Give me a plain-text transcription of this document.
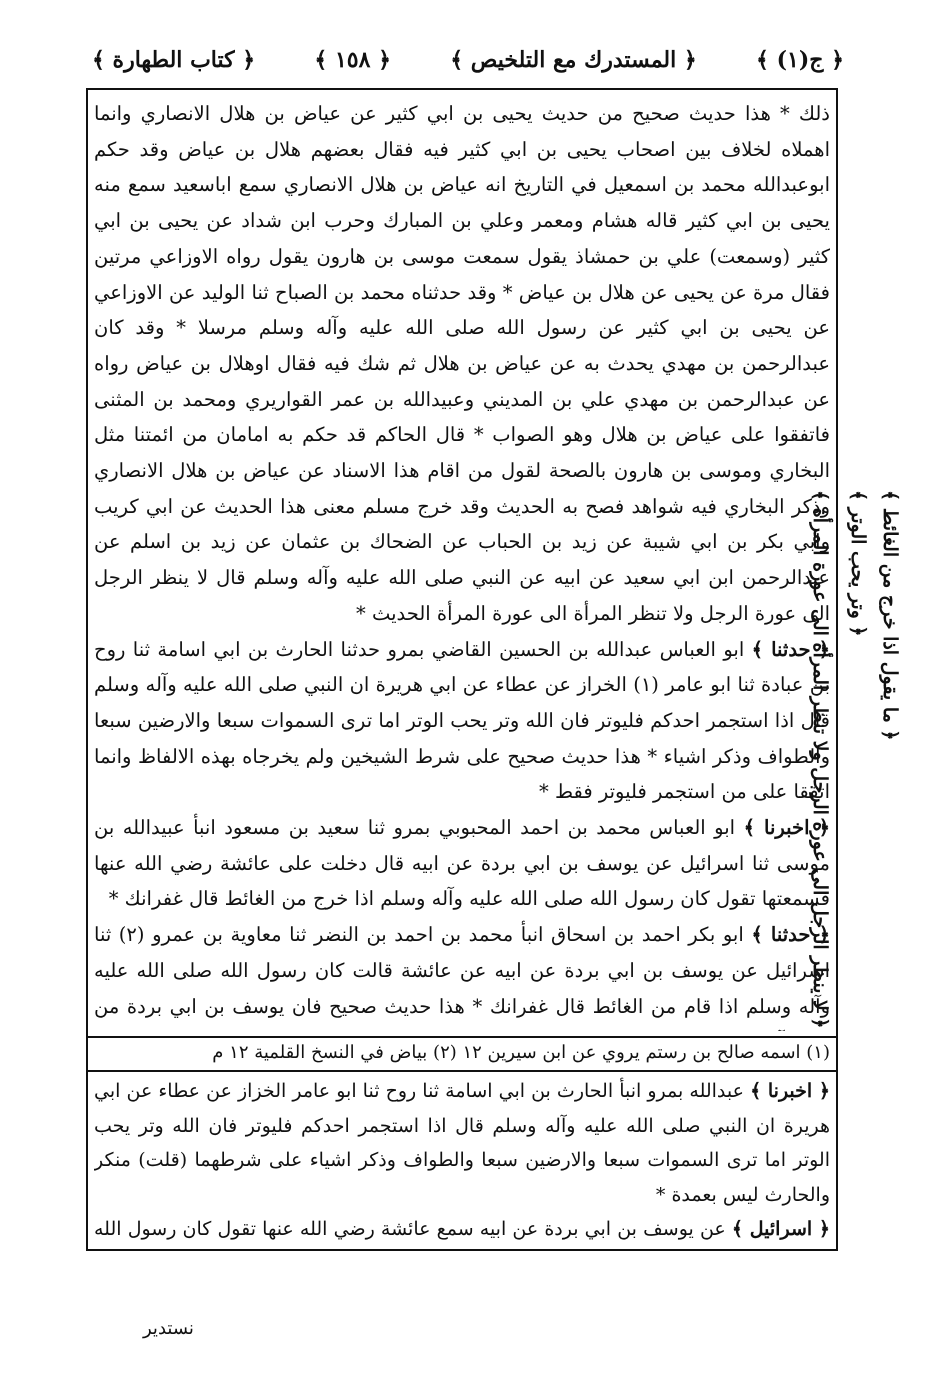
﴿ ج(١) ﴾
﴿ المستدرك مع التلخيص ﴾
﴿ ١٥٨ ﴾
﴿ كتاب الطهارة ﴾

ذلك * هذا حديث صحيح من حديث يحيى بن ابي كثير عن عياض بن هلال الانصاري وانما اهملاه لخلاف بين اصحاب يحيى بن ابي كثير فيه فقال بعضهم هلال بن عياض وقد حكم ابوعبدالله محمد بن اسمعيل في التاريخ انه عياض بن هلال الانصاري سمع اباسعيد سمع منه يحيى بن ابي كثير قاله هشام ومعمر وعلي بن المبارك وحرب ابن شداد عن يحيى بن ابي كثير (وسمعت) علي بن حمشاذ يقول سمعت موسى بن هارون يقول رواه الاوزاعي مرتين فقال مرة عن يحيى عن هلال بن عياض * وقد حدثناه محمد بن الصباح ثنا الوليد عن الاوزاعي عن يحيى بن ابي كثير عن رسول الله صلى الله عليه وآله وسلم مرسلا * وقد كان عبدالرحمن بن مهدي يحدث به عن عياض بن هلال ثم شك فيه فقال اوهلال بن عياض رواه عن عبدالرحمن بن مهدي علي بن المديني وعبيدالله بن عمر القواريري ومحمد بن المثنى فاتفقوا على عياض بن هلال وهو الصواب * قال الحاكم قد حكم به امامان من ائمتنا مثل البخاري وموسى بن هارون بالصحة لقول من اقام هذا الاسناد عن عياض بن هلال الانصاري وذكر البخاري فيه شواهد فصح به الحديث وقد خرج مسلم معنى هذا الحديث عن ابي كريب وابي بكر بن ابي شيبة عن زيد بن الحباب عن الضحاك بن عثمان عن زيد بن اسلم عن عبدالرحمن ابن ابي سعيد عن ابيه عن النبي صلى الله عليه وآله وسلم قال لا ينظر الرجل الى عورة الرجل ولا تنظر المرأة الى عورة المرأة الحديث *

﴿ حدثنا ﴾ ابو العباس عبدالله بن الحسين القاضي بمرو حدثنا الحارث بن ابي اسامة ثنا روح بن عبادة ثنا ابو عامر (١) الخراز عن عطاء عن ابي هريرة ان النبي صلى الله عليه وآله وسلم قال اذا استجمر احدكم فليوتر فان الله وتر يحب الوتر اما ترى السموات سبعا والارضين سبعا والطواف وذكر اشياء * هذا حديث صحيح على شرط الشيخين ولم يخرجاه بهذه الالفاظ وانما اتفقا على من استجمر فليوتر فقط *

﴿ اخبرنا ﴾ ابو العباس محمد بن احمد المحبوبي بمرو ثنا سعيد بن مسعود انبأ عبيدالله بن موسى ثنا اسرائيل عن يوسف بن ابي بردة عن ابيه قال دخلت على عائشة رضي الله عنها فسمعتها تقول كان رسول الله صلى الله عليه وآله وسلم اذا خرج من الغائط قال غفرانك *

﴿ حدثنا ﴾ ابو بكر احمد بن اسحاق انبأ محمد بن احمد بن النضر ثنا معاوية بن عمرو (٢) ثنا اسرائيل عن يوسف بن ابي بردة عن ابيه عن عائشة قالت كان رسول الله صلى الله عليه وآله وسلم اذا قام من الغائط قال غفرانك * هذا حديث صحيح فان يوسف بن ابي بردة من

(١) اسمه صالح بن رستم يروي عن ابن سيرين ١٢ (٢) بياض في النسخ القلمية ١٢ م

﴿ اخبرنا ﴾ عبدالله بمرو انبأ الحارث بن ابي اسامة ثنا روح ثنا ابو عامر الخزاز عن عطاء عن ابي هريرة ان النبي صلى الله عليه وآله وسلم قال اذا استجمر احدكم فليوتر فان الله وتر يحب الوتر اما ترى السموات سبعا والارضين سبعا والطواف وذكر اشياء على شرطهما (قلت) منكر والحارث ليس بعمدة *

﴿ اسرائيل ﴾ عن يوسف بن ابي بردة عن ابيه سمع عائشة رضي الله عنها تقول كان رسول الله

﴿ لا ينظر الرجل الى عورة الرجل ولا تنظر المرأة الى عورة المرأة ﴾ ﴿ وتر يحب الوتر ﴾ ﴿ ما يقول اذا خرج من الغائط ﴾
نستدير
